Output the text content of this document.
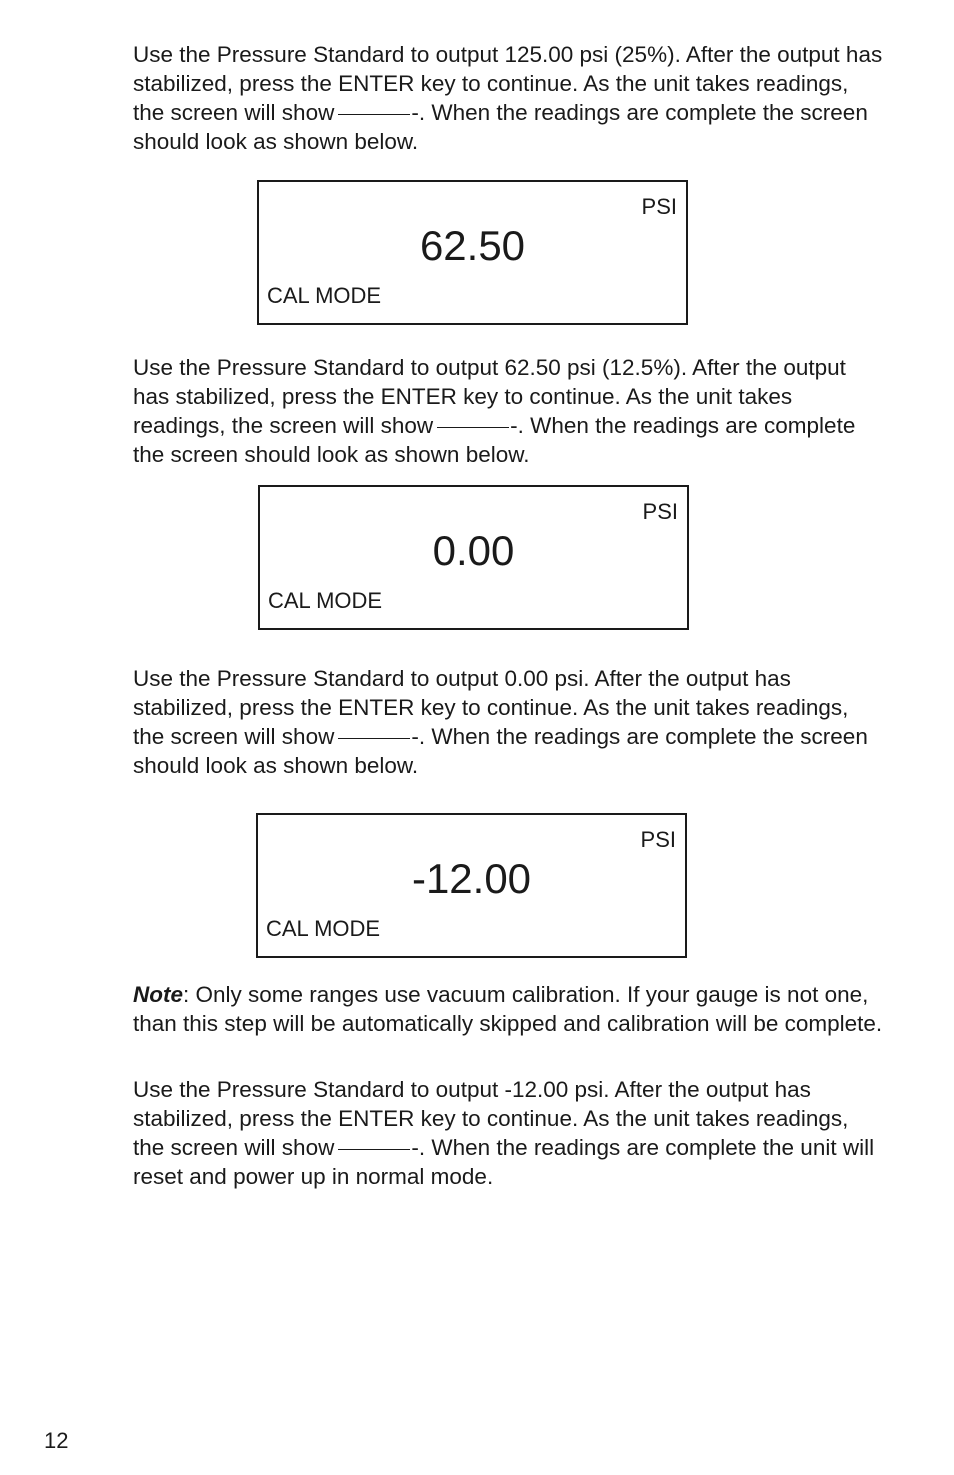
Use the Pressure Standard to output 125.00 psi (25%). After the output has stabilized, press the ENTER key to continue. As the unit takes readings, the screen will show	-. When the readings are complete the screen should look as shown below.

PSI
62.50
CAL MODE

Use the Pressure Standard to output 62.50 psi (12.5%). After the output has stabilized, press the ENTER key to continue. As the unit takes readings, the screen will show	-. When the readings are complete the screen should look as shown below.

PSI
0.00
CAL MODE

Use the Pressure Standard to output 0.00 psi. After the output has stabilized, press the ENTER key to continue. As the unit takes readings, the screen will show	-. When the readings are complete the screen should look as shown below.

PSI
-12.00
CAL MODE

Note: Only some ranges use vacuum calibration. If your gauge is not one, than this step will be automatically skipped and calibration will be complete.

Use the Pressure Standard to output -12.00 psi. After the output has stabilized, press the ENTER key to continue. As the unit takes readings, the screen will show	-. When the readings are complete the unit will reset and power up in normal mode.

12
